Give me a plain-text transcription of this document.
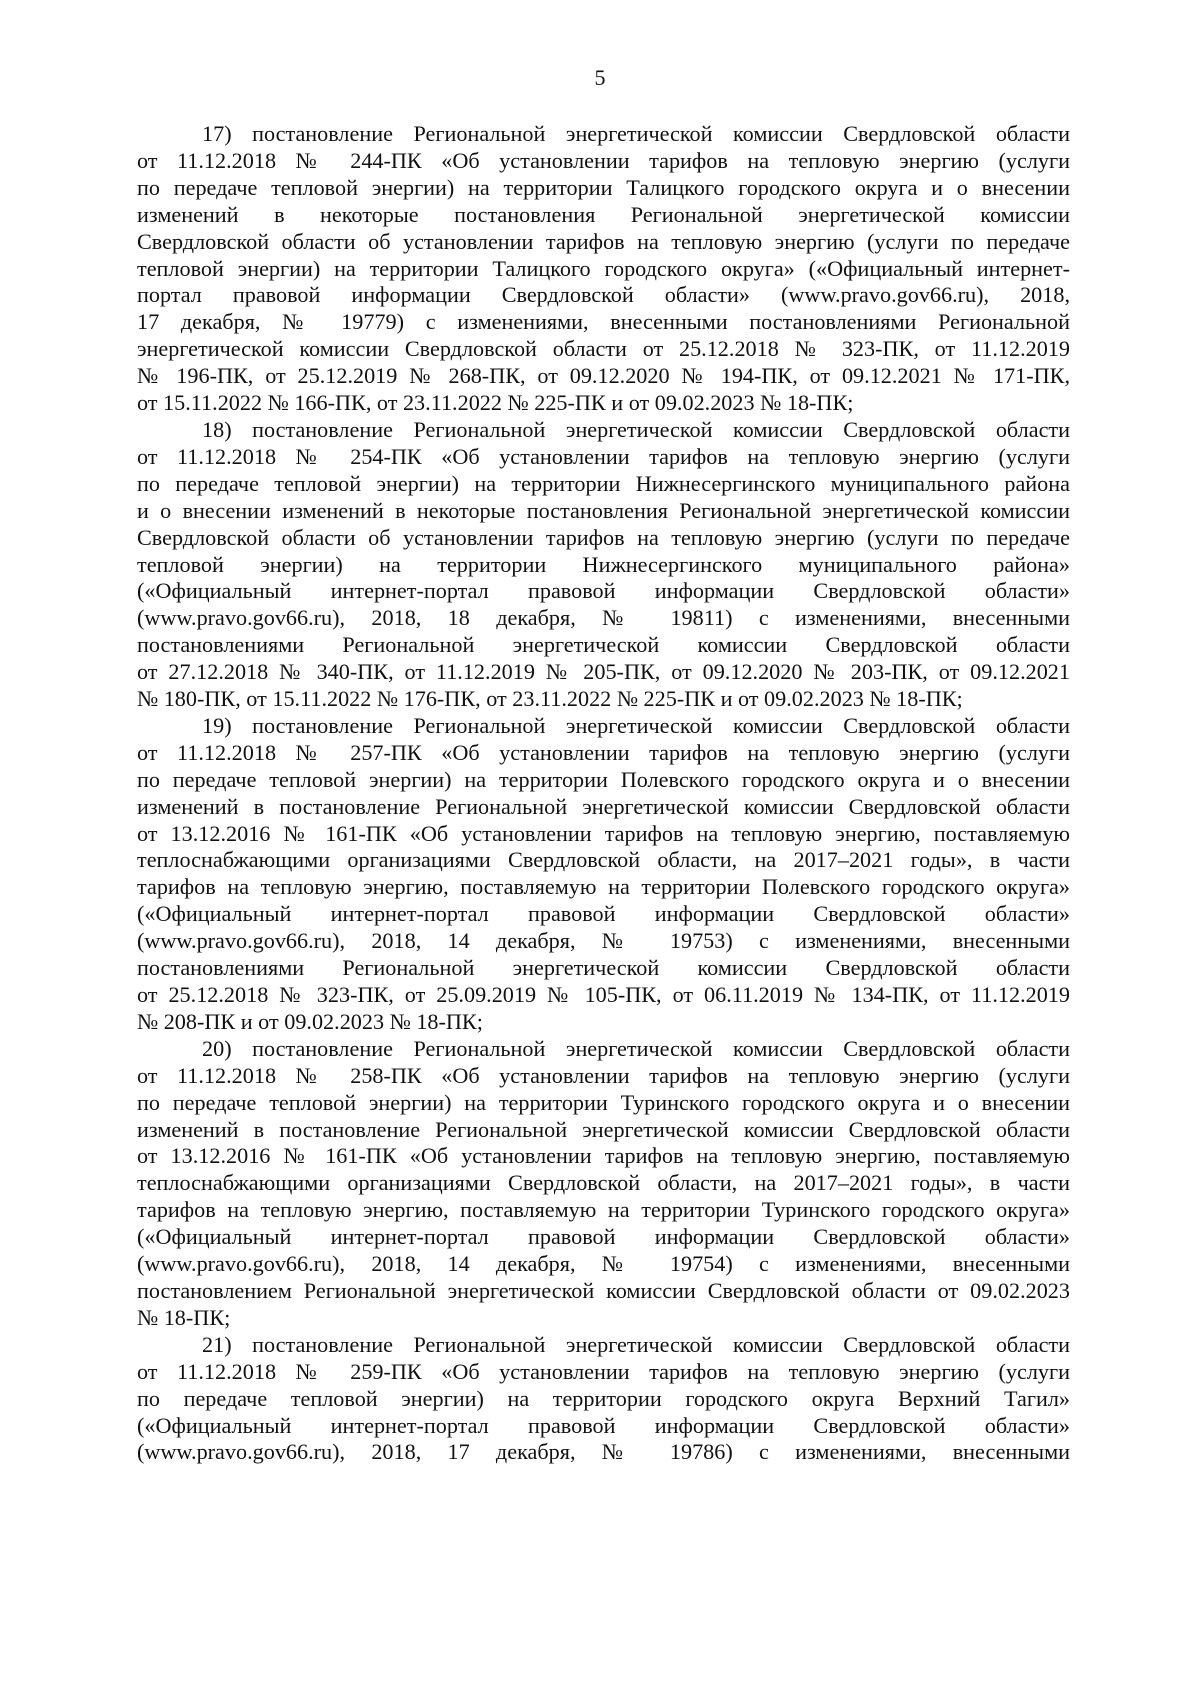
5
17) постановление Региональной энергетической комиссии Свердловской области
от 11.12.2018 № 244-ПК «Об установлении тарифов на тепловую энергию (услуги
по передаче тепловой энергии) на территории Талицкого городского округа и о внесении
изменений в некоторые постановления Региональной энергетической комиссии
Свердловской области об установлении тарифов на тепловую энергию (услуги по передаче
тепловой энергии) на территории Талицкого городского округа» («Официальный интернет-
портал правовой информации Свердловской области» (www.pravo.gov66.ru), 2018,
17 декабря, № 19779) с изменениями, внесенными постановлениями Региональной
энергетической комиссии Свердловской области от 25.12.2018 № 323-ПК, от 11.12.2019
№ 196-ПК, от 25.12.2019 № 268-ПК, от 09.12.2020 № 194-ПК, от 09.12.2021 № 171-ПК,
от 15.11.2022 № 166-ПК, от 23.11.2022 № 225-ПК и от 09.02.2023 № 18-ПК;
18) постановление Региональной энергетической комиссии Свердловской области
от 11.12.2018 № 254-ПК «Об установлении тарифов на тепловую энергию (услуги
по передаче тепловой энергии) на территории Нижнесергинского муниципального района
и о внесении изменений в некоторые постановления Региональной энергетической комиссии
Свердловской области об установлении тарифов на тепловую энергию (услуги по передаче
тепловой энергии) на территории Нижнесергинского муниципального района»
(«Официальный интернет-портал правовой информации Свердловской области»
(www.pravo.gov66.ru), 2018, 18 декабря, № 19811) с изменениями, внесенными
постановлениями Региональной энергетической комиссии Свердловской области
от 27.12.2018 № 340-ПК, от 11.12.2019 № 205-ПК, от 09.12.2020 № 203-ПК, от 09.12.2021
№ 180-ПК, от 15.11.2022 № 176-ПК, от 23.11.2022 № 225-ПК и от 09.02.2023 № 18-ПК;
19) постановление Региональной энергетической комиссии Свердловской области
от 11.12.2018 № 257-ПК «Об установлении тарифов на тепловую энергию (услуги
по передаче тепловой энергии) на территории Полевского городского округа и о внесении
изменений в постановление Региональной энергетической комиссии Свердловской области
от 13.12.2016 № 161-ПК «Об установлении тарифов на тепловую энергию, поставляемую
теплоснабжающими организациями Свердловской области, на 2017–2021 годы», в части
тарифов на тепловую энергию, поставляемую на территории Полевского городского округа»
(«Официальный интернет-портал правовой информации Свердловской области»
(www.pravo.gov66.ru), 2018, 14 декабря, № 19753) с изменениями, внесенными
постановлениями Региональной энергетической комиссии Свердловской области
от 25.12.2018 № 323-ПК, от 25.09.2019 № 105-ПК, от 06.11.2019 № 134-ПК, от 11.12.2019
№ 208-ПК и от 09.02.2023 № 18-ПК;
20) постановление Региональной энергетической комиссии Свердловской области
от 11.12.2018 № 258-ПК «Об установлении тарифов на тепловую энергию (услуги
по передаче тепловой энергии) на территории Туринского городского округа и о внесении
изменений в постановление Региональной энергетической комиссии Свердловской области
от 13.12.2016 № 161-ПК «Об установлении тарифов на тепловую энергию, поставляемую
теплоснабжающими организациями Свердловской области, на 2017–2021 годы», в части
тарифов на тепловую энергию, поставляемую на территории Туринского городского округа»
(«Официальный интернет-портал правовой информации Свердловской области»
(www.pravo.gov66.ru), 2018, 14 декабря, № 19754) с изменениями, внесенными
постановлением Региональной энергетической комиссии Свердловской области от 09.02.2023
№ 18-ПК;
21) постановление Региональной энергетической комиссии Свердловской области
от 11.12.2018 № 259-ПК «Об установлении тарифов на тепловую энергию (услуги
по передаче тепловой энергии) на территории городского округа Верхний Тагил»
(«Официальный интернет-портал правовой информации Свердловской области»
(www.pravo.gov66.ru), 2018, 17 декабря, № 19786) с изменениями, внесенными
